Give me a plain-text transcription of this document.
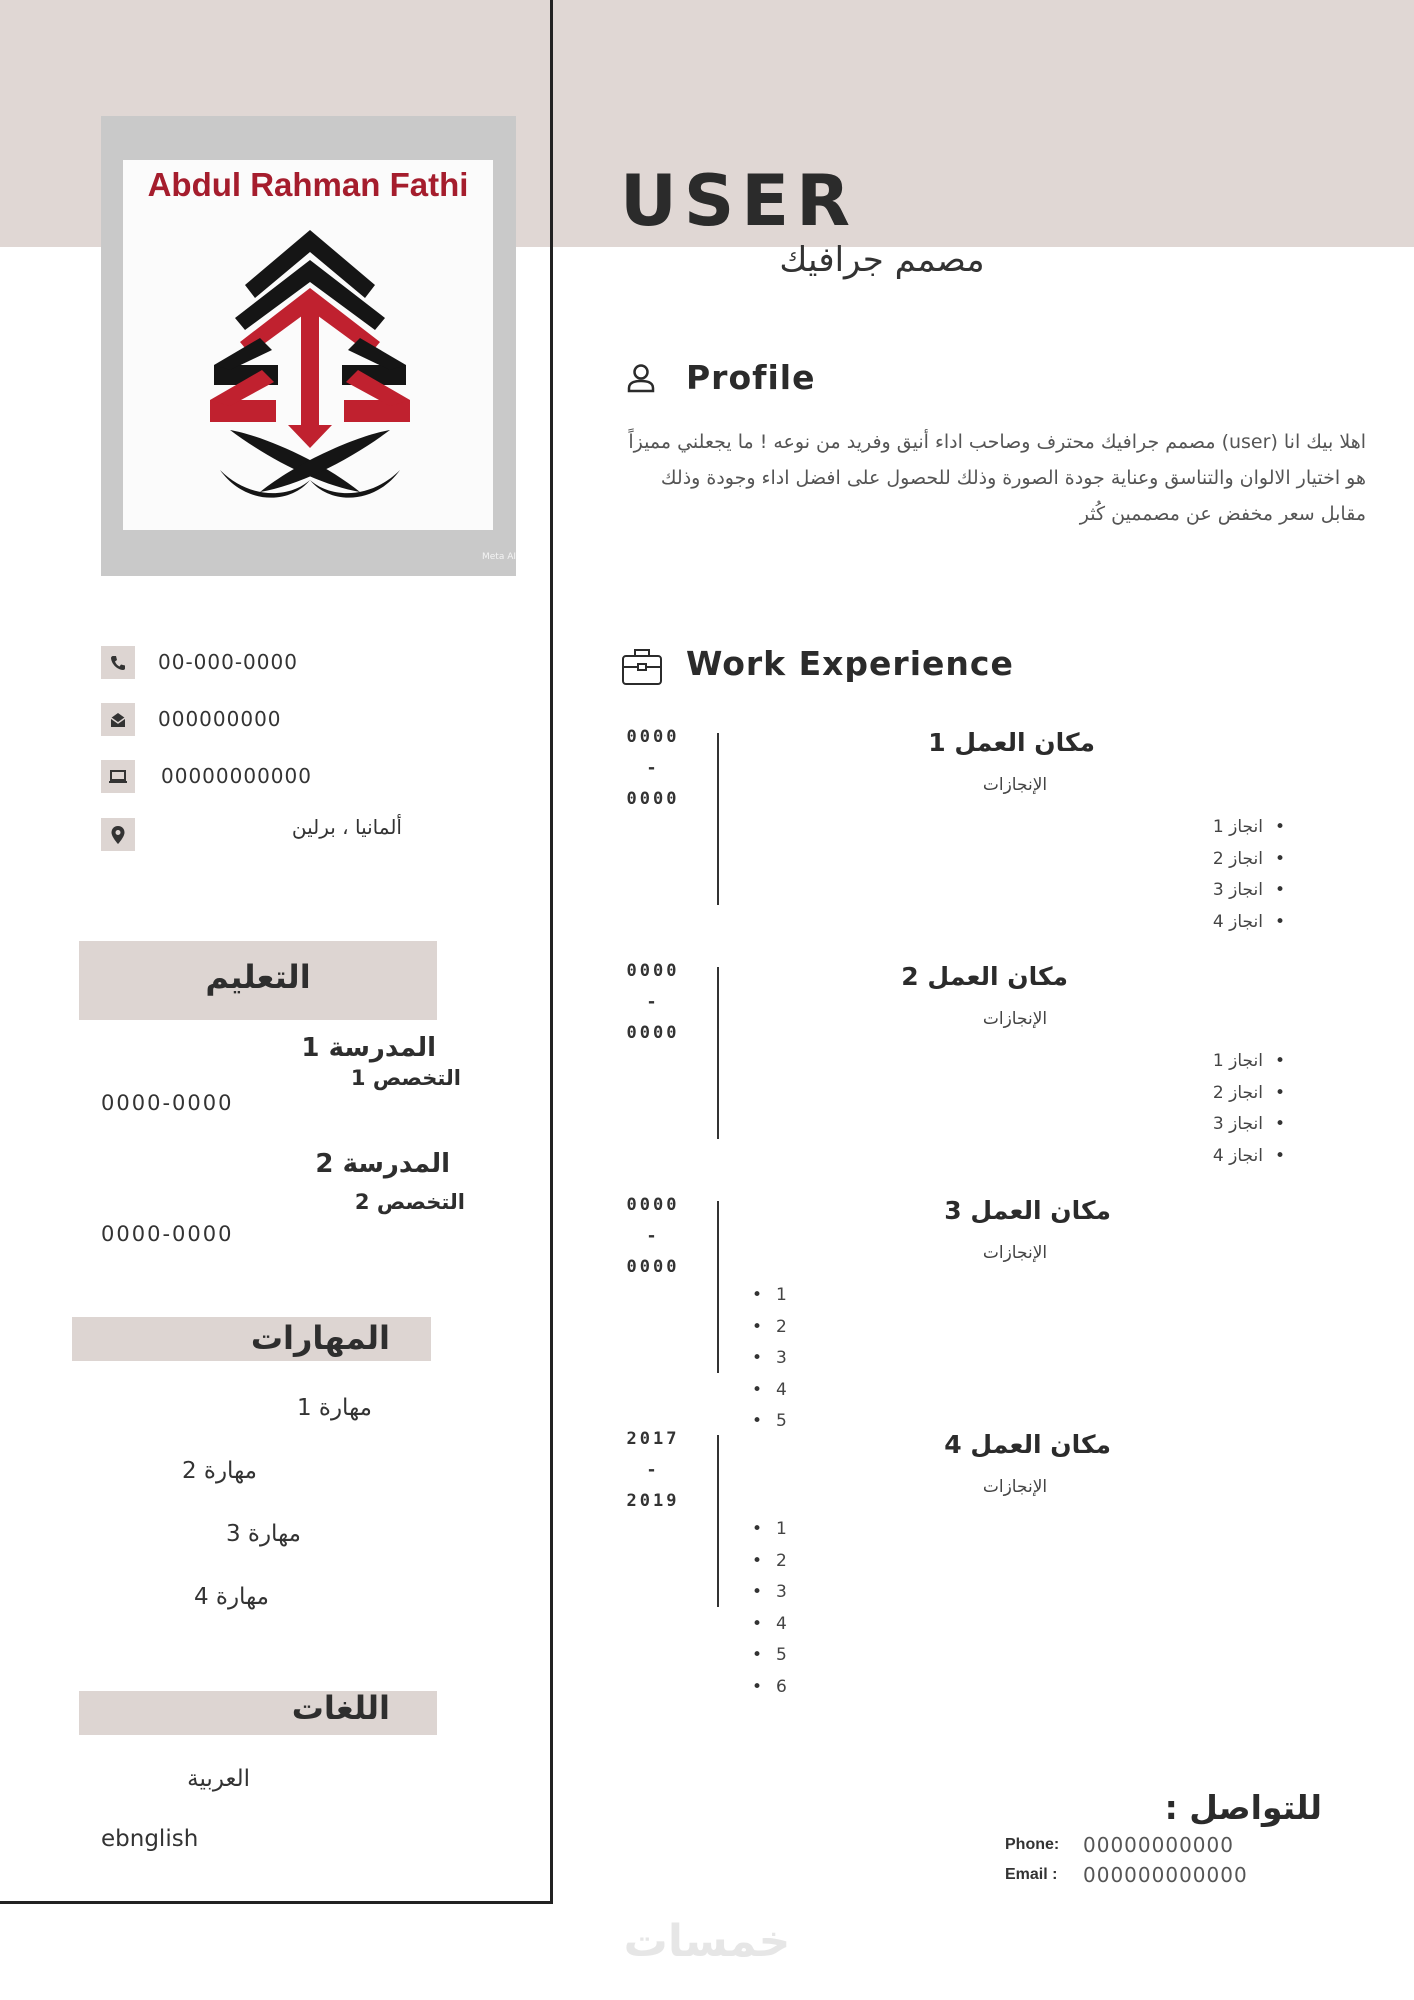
Abdul Rahman Fathi
Meta AI
00-000-0000
000000000
00000000000
ألمانيا ، برلين
التعليم
المدرسة 1
التخصص 1
0000-0000
المدرسة 2
التخصص 2
0000-0000
المهارات
مهارة 1
مهارة 2
مهارة 3
مهارة 4
اللغات
العربية
ebnglish
USER
مصمم جرافيك
Profile
اهلا بيك انا (user) مصمم جرافيك محترف وصاحب اداء أنيق وفريد من نوعه ! ما يجعلني مميزاً هو اختيار الالوان والتناسق وعناية جودة الصورة وذلك للحصول على افضل اداء وجودة وذلك مقابل سعر مخفض عن مصممين كُثر
Work Experience
0000
-
0000
مكان العمل 1
الإنجازات
• انجاز 1
• انجاز 2
• انجاز 3
• انجاز 4
0000
-
0000
مكان العمل 2
الإنجازات
• انجاز 1
• انجاز 2
• انجاز 3
• انجاز 4
0000
-
0000
مكان العمل 3
الإنجازات
• 1
• 2
• 3
• 4
• 5
2017
-
2019
مكان العمل 4
الإنجازات
• 1
• 2
• 3
• 4
• 5
• 6
للتواصل :
Phone: 00000000000
Email : 000000000000
خمسات
